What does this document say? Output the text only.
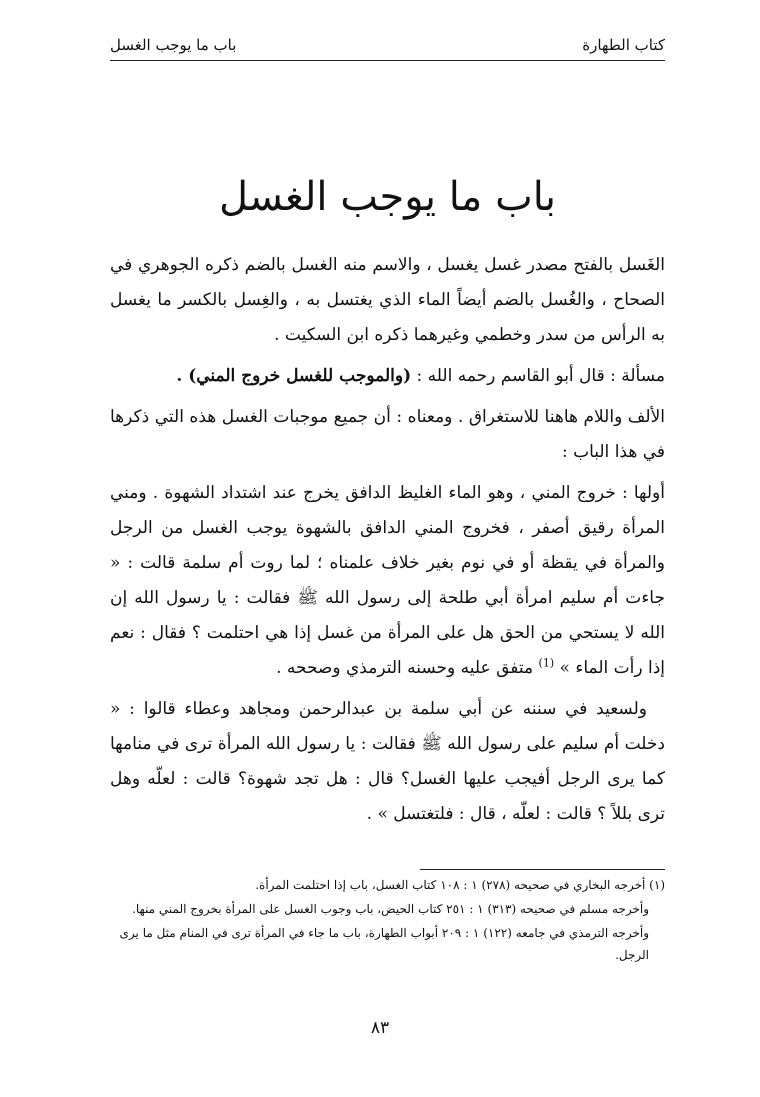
كتاب الطهارة
باب ما يوجب الغسل
باب ما يوجب الغسل

الغَسل بالفتح مصدر غسل يغسل ، والاسم منه الغسل بالضم ذكره الجوهري في الصحاح ، والغُسل بالضم أيضاً الماء الذي يغتسل به ، والغِسل بالكسر ما يغسل به الرأس من سدر وخطمي وغيرهما ذكره ابن السكيت .

مسألة : قال أبو القاسم رحمه الله : (والموجب للغسل خروج المني) .

الألف واللام هاهنا للاستغراق . ومعناه : أن جميع موجبات الغسل هذه التي ذكرها في هذا الباب :

أولها : خروج المني ، وهو الماء الغليظ الدافق يخرج عند اشتداد الشهوة . ومني المرأة رقيق أصفر ، فخروج المني الدافق بالشهوة يوجب الغسل من الرجل والمرأة في يقظة أو في نوم بغير خلاف علمناه ؛ لما روت أم سلمة قالت : « جاءت أم سليم امرأة أبي طلحة إلى رسول الله ﷺ فقالت : يا رسول الله إن الله لا يستحي من الحق هل على المرأة من غسل إذا هي احتلمت ؟ فقال : نعم إذا رأت الماء » $^{(1)}$ متفق عليه وحسنه الترمذي وصححه .

ولسعيد في سننه عن أبي سلمة بن عبدالرحمن ومجاهد وعطاء قالوا : « دخلت أم سليم على رسول الله ﷺ فقالت : يا رسول الله المرأة ترى في منامها كما يرى الرجل أفيجب عليها الغسل؟ قال : هل تجد شهوة؟ قالت : لعلّه وهل ترى بللاً ؟ قالت : لعلّه ، قال : فلتغتسل » .

(١) أخرجه البخاري في صحيحه (٢٧٨) ١ : ١٠٨ كتاب الغسل، باب إذا احتلمت المرأة.

وأخرجه مسلم في صحيحه (٣١٣) ١ : ٢٥١ كتاب الحيض، باب وجوب الغسل على المرأة بخروج المني منها.

وأخرجه الترمذي في جامعه (١٢٢) ١ : ٢٠٩ أبواب الطهارة، باب ما جاء في المرأة ترى في المنام مثل ما يرى الرجل.

٨٣
